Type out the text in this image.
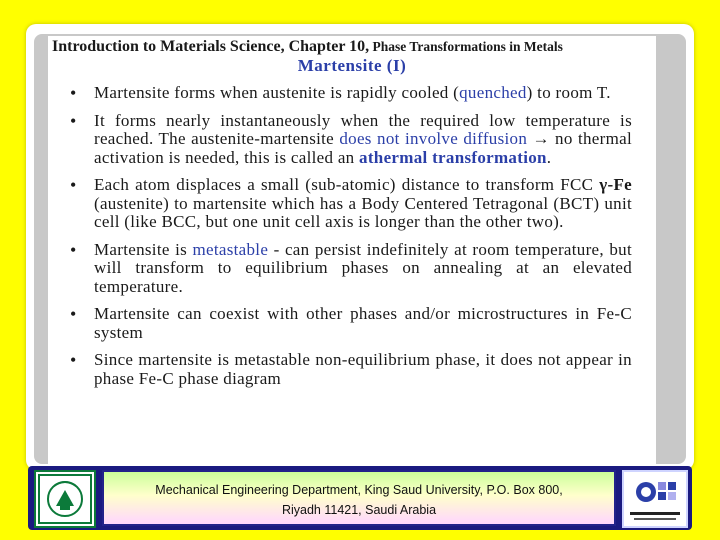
Introduction to Materials Science, Chapter 10, Phase Transformations in Metals
Martensite (I)
• Martensite forms when austenite is rapidly cooled (quenched) to room T.
• It forms nearly instantaneously when the required low temperature is reached. The austenite-martensite does not involve diffusion → no thermal activation is needed, this is called an athermal transformation.
• Each atom displaces a small (sub-atomic) distance to transform FCC γ-Fe (austenite) to martensite which has a Body Centered Tetragonal (BCT) unit cell (like BCC, but one unit cell axis is longer than the other two).
• Martensite is metastable - can persist indefinitely at room temperature, but will transform to equilibrium phases on annealing at an elevated temperature.
• Martensite can coexist with other phases and/or microstructures in Fe-C system
• Since martensite is metastable non-equilibrium phase, it does not appear in phase Fe-C phase diagram
Mechanical Engineering Department, King Saud University, P.O. Box 800,
Riyadh 11421, Saudi Arabia
